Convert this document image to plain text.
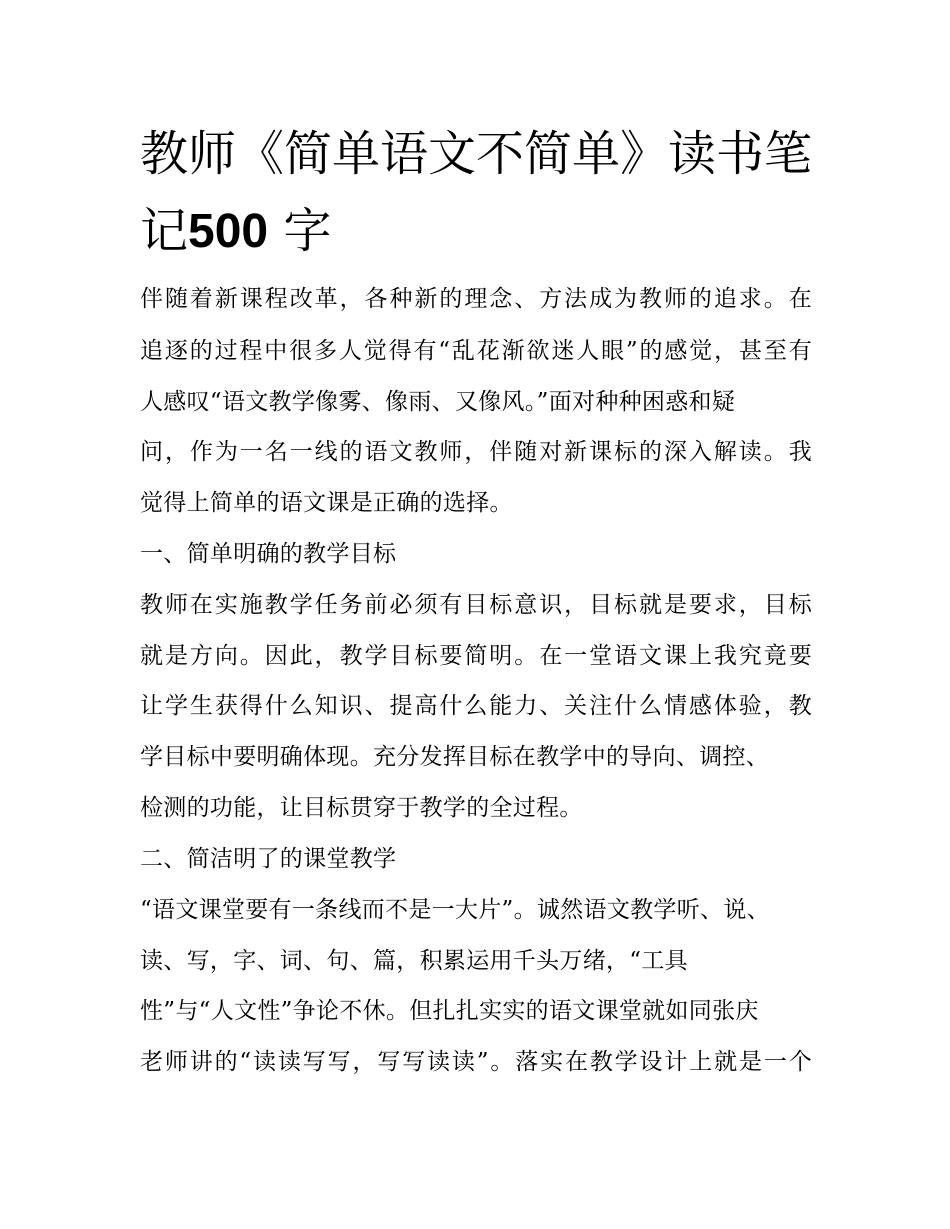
教师《简单语文不简单》读书笔记500 字
伴随着新课程改革，各种新的理念、方法成为教师的追求。在
追逐的过程中很多人觉得有“乱花渐欲迷人眼”的感觉，甚至有
人感叹“语文教学像雾、像雨、又像风。”面对种种困惑和疑
问，作为一名一线的语文教师，伴随对新课标的深入解读。我
觉得上简单的语文课是正确的选择。
一、简单明确的教学目标
教师在实施教学任务前必须有目标意识，目标就是要求，目标
就是方向。因此，教学目标要简明。在一堂语文课上我究竟要
让学生获得什么知识、提高什么能力、关注什么情感体验，教
学目标中要明确体现。充分发挥目标在教学中的导向、调控、
检测的功能，让目标贯穿于教学的全过程。
二、简洁明了的课堂教学
“语文课堂要有一条线而不是一大片”。诚然语文教学听、说、
读、写，字、词、句、篇，积累运用千头万绪，“工具
性”与“人文性”争论不休。但扎扎实实的语文课堂就如同张庆
老师讲的“读读写写，写写读读”。落实在教学设计上就是一个
